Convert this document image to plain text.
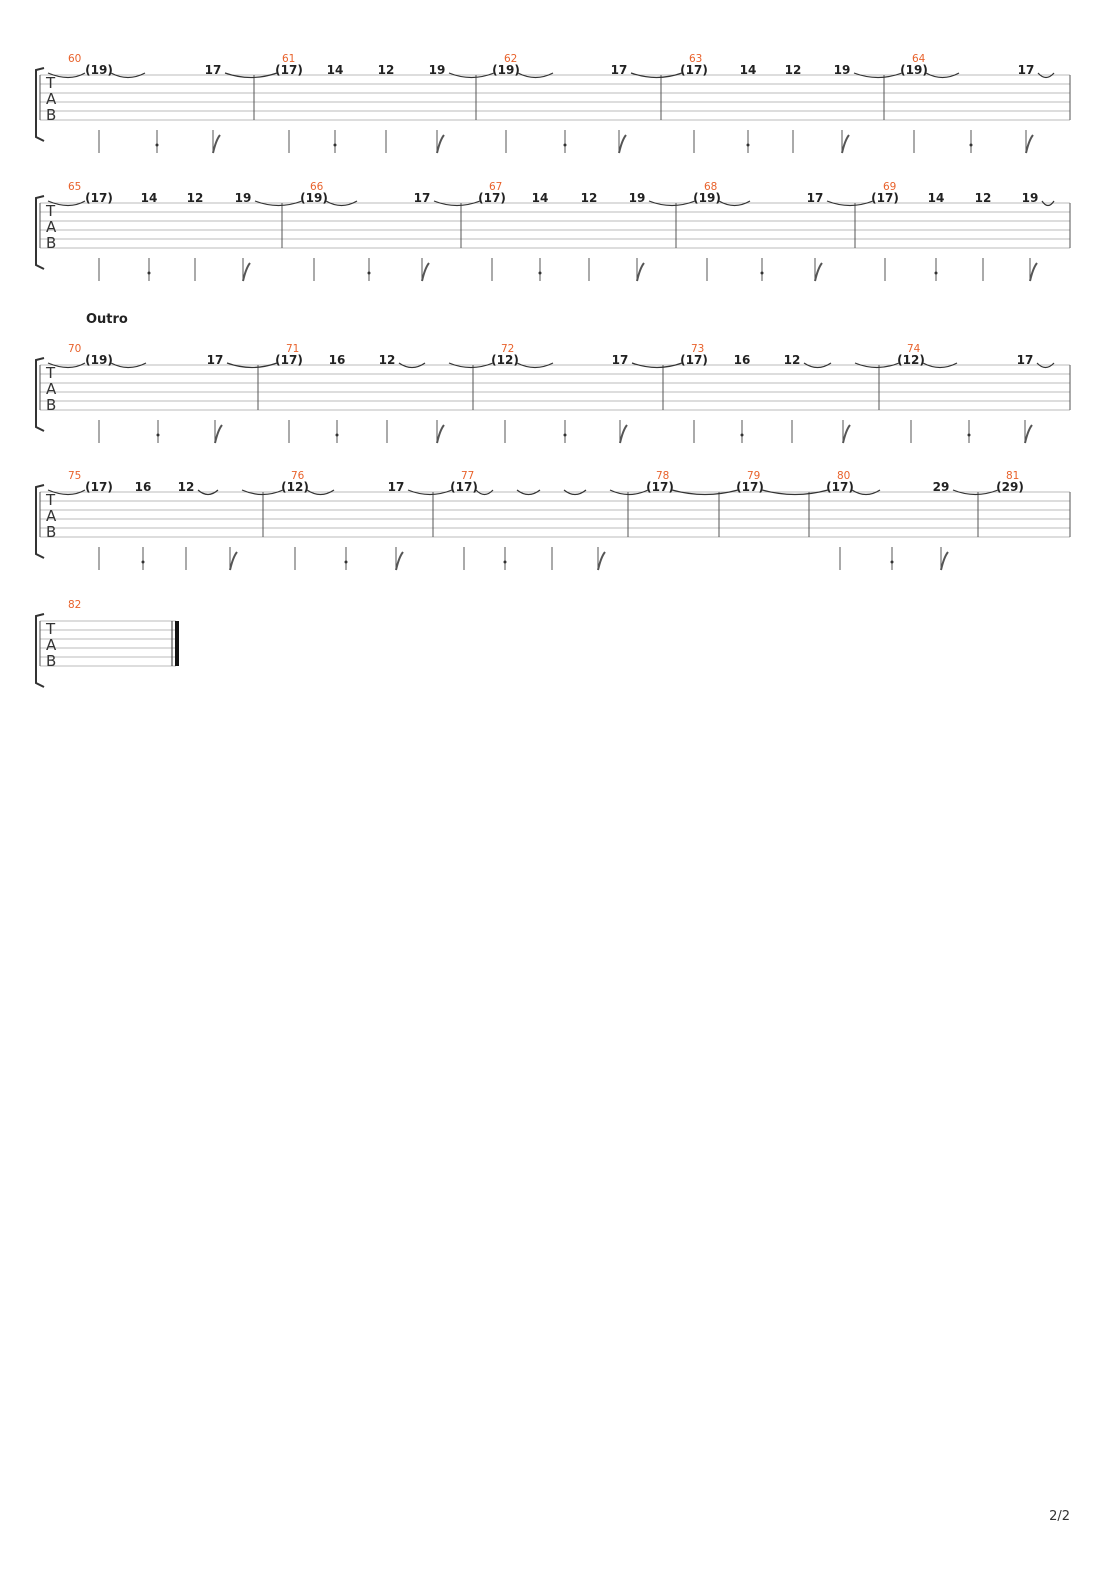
T
A
B
60
(19)	17
61
(17) 14	12	19
62
(19)	17
63
(17)	14 12	19
64
(19)	17
T
A
B
65
(17) 14 12	19
66
(19)	17
67
(17) 14	12	19
68
(19)	17
69
(17) 14	12	19
Outro
T
A
B
70
(19)	17
71
(17) 16	12
72
(12)	17
73
(17) 16	12
74
(12)	17
T
A
B
75
(17) 16 12
76
(12)	17
77
(17)
78
(17)
79
(17)
80
(17)	29
81
(29)
T
A
B
82
2/2
